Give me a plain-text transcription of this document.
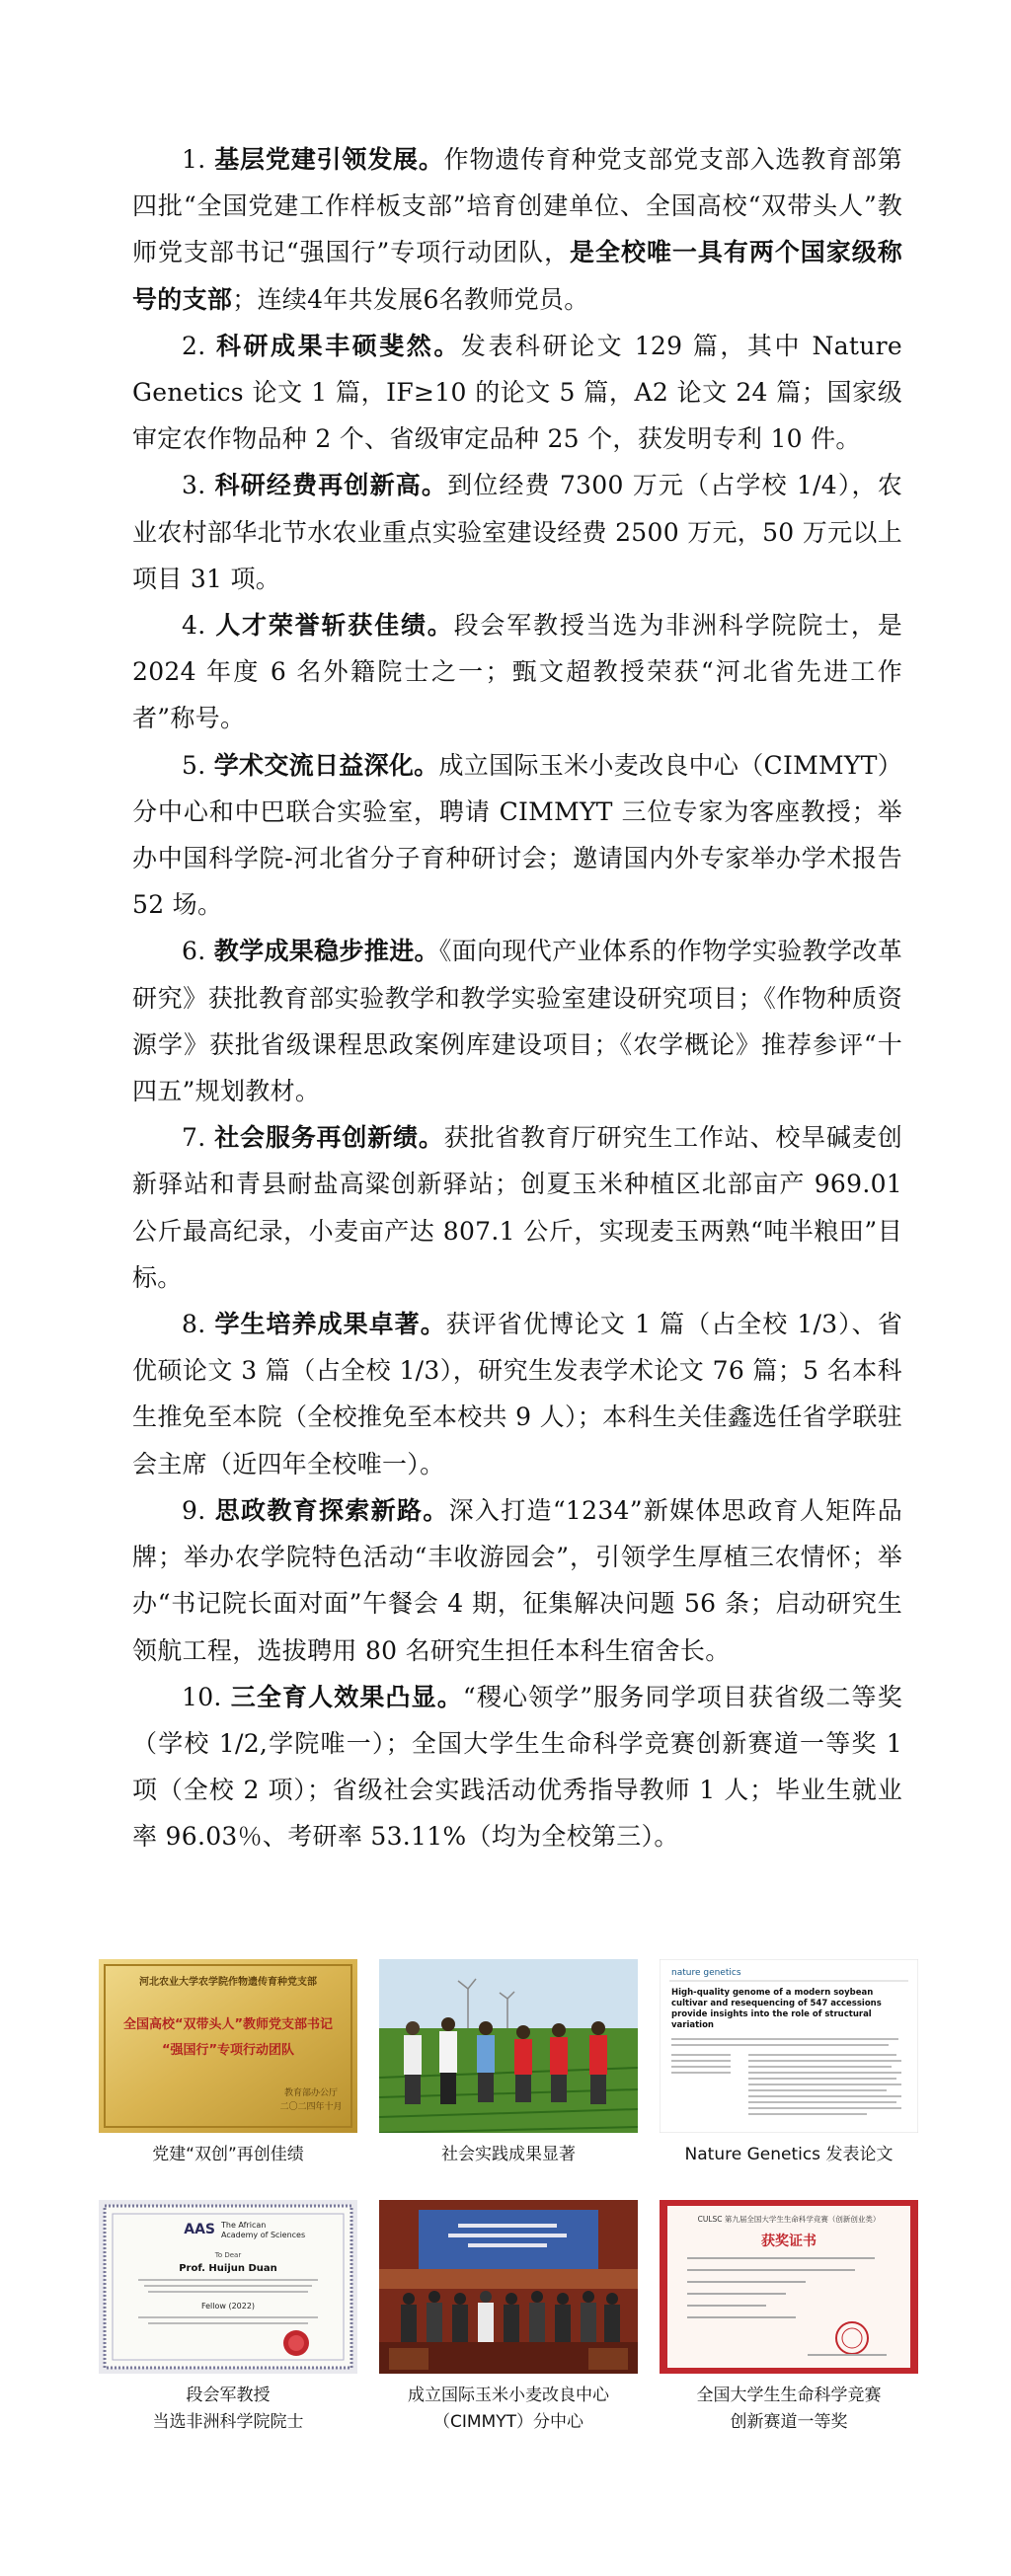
1. 基层党建引领发展。作物遗传育种党支部党支部入选教育部第四批“全国党建工作样板支部”培育创建单位、全国高校“双带头人”教师党支部书记“强国行”专项行动团队，是全校唯一具有两个国家级称号的支部；连续4年共发展6名教师党员。

2. 科研成果丰硕斐然。发表科研论文 129 篇，其中 Nature Genetics 论文 1 篇，IF≥10 的论文 5 篇，A2 论文 24 篇；国家级审定农作物品种 2 个、省级审定品种 25 个，获发明专利 10 件。

3. 科研经费再创新高。到位经费 7300 万元（占学校 1/4），农业农村部华北节水农业重点实验室建设经费 2500 万元，50 万元以上项目 31 项。

4. 人才荣誉斩获佳绩。段会军教授当选为非洲科学院院士，是 2024 年度 6 名外籍院士之一；甄文超教授荣获“河北省先进工作者”称号。

5. 学术交流日益深化。成立国际玉米小麦改良中心（CIMMYT）分中心和中巴联合实验室，聘请 CIMMYT 三位专家为客座教授；举办中国科学院-河北省分子育种研讨会；邀请国内外专家举办学术报告 52 场。

6. 教学成果稳步推进。《面向现代产业体系的作物学实验教学改革研究》获批教育部实验教学和教学实验室建设研究项目；《作物种质资源学》获批省级课程思政案例库建设项目；《农学概论》推荐参评“十四五”规划教材。

7. 社会服务再创新绩。获批省教育厅研究生工作站、校旱碱麦创新驿站和青县耐盐高粱创新驿站；创夏玉米种植区北部亩产 969.01 公斤最高纪录，小麦亩产达 807.1 公斤，实现麦玉两熟“吨半粮田”目标。

8. 学生培养成果卓著。获评省优博论文 1 篇（占全校 1/3）、省优硕论文 3 篇（占全校 1/3），研究生发表学术论文 76 篇；5 名本科生推免至本院（全校推免至本校共 9 人）；本科生关佳鑫选任省学联驻会主席（近四年全校唯一）。

9. 思政教育探索新路。深入打造“1234”新媒体思政育人矩阵品牌；举办农学院特色活动“丰收游园会”，引领学生厚植三农情怀；举办“书记院长面对面”午餐会 4 期，征集解决问题 56 条；启动研究生领航工程，选拔聘用 80 名研究生担任本科生宿舍长。

10. 三全育人效果凸显。“稷心领学”服务同学项目获省级二等奖（学校 1/2,学院唯一）；全国大学生生命科学竞赛创新赛道一等奖 1 项（全校 2 项）；省级社会实践活动优秀指导教师 1 人；毕业生就业率 96.03％、考研率 53.11%（均为全校第三）。

河北农业大学农学院作物遗传育种党支部
全国高校“双带头人”教师党支部书记
“强国行”专项行动团队
教育部办公厅
二〇二四年十月
党建“双创”再创佳绩	社会实践成果显著
nature genetics
High-quality genome of a modern soybean
cultivar and resequencing of 547 accessions
provide insights into the role of structural
variation
Nature Genetics 发表论文
AAS The African
Academy of Sciences
To Dear
Prof. Huijun Duan
Fellow (2022)
段会军教授
当选非洲科学院院士
成立国际玉米小麦改良中心
（CIMMYT）分中心
CULSC 第九届全国大学生生命科学竞赛（创新创业类）
获奖证书
全国大学生生命科学竞赛
创新赛道一等奖
